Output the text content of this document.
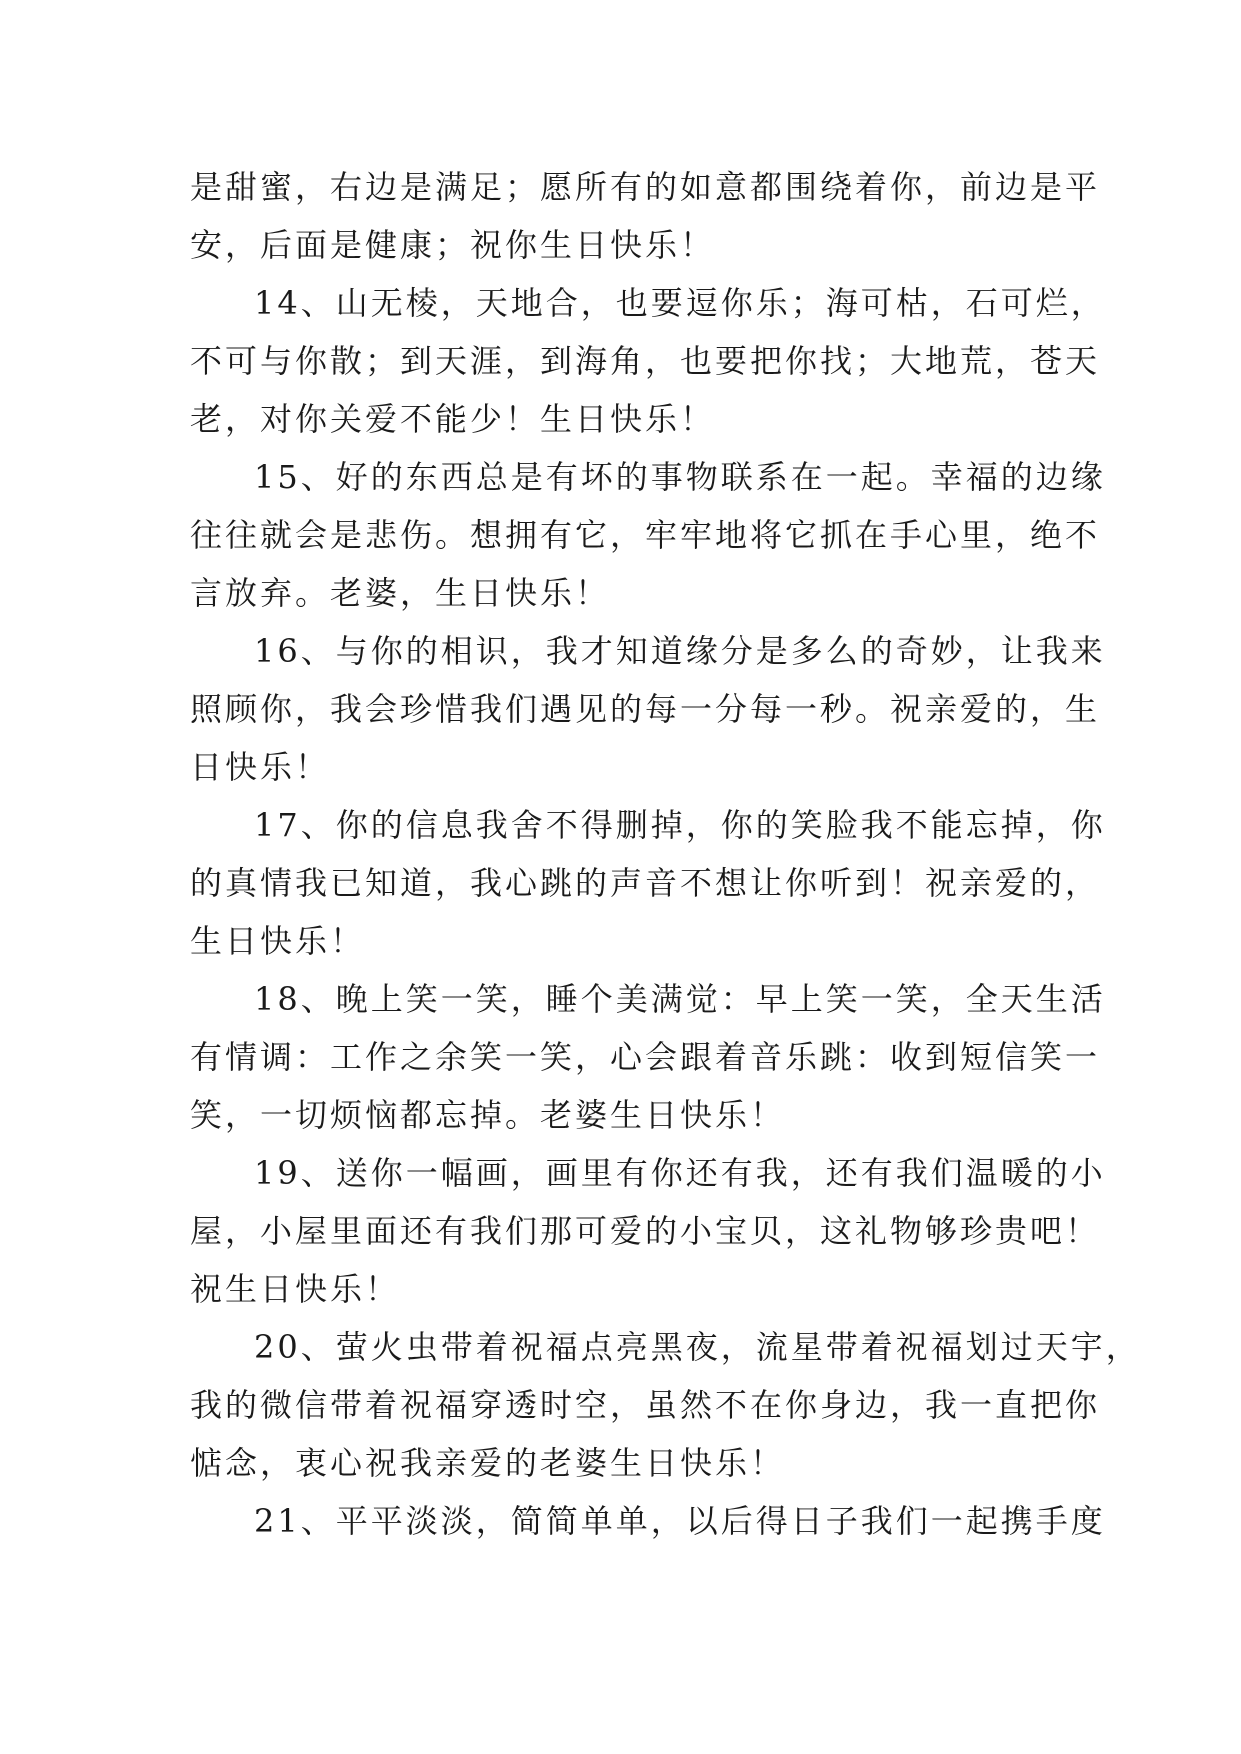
是甜蜜，右边是满足；愿所有的如意都围绕着你，前边是平
安，后面是健康；祝你生日快乐！

14、山无棱，天地合，也要逗你乐；海可枯，石可烂，
不可与你散；到天涯，到海角，也要把你找；大地荒，苍天
老，对你关爱不能少！生日快乐！

15、好的东西总是有坏的事物联系在一起。幸福的边缘
往往就会是悲伤。想拥有它，牢牢地将它抓在手心里，绝不
言放弃。老婆，生日快乐！

16、与你的相识，我才知道缘分是多么的奇妙，让我来
照顾你，我会珍惜我们遇见的每一分每一秒。祝亲爱的，生
日快乐！

17、你的信息我舍不得删掉，你的笑脸我不能忘掉，你
的真情我已知道，我心跳的声音不想让你听到！祝亲爱的，
生日快乐！

18、晚上笑一笑，睡个美满觉：早上笑一笑，全天生活
有情调：工作之余笑一笑，心会跟着音乐跳：收到短信笑一
笑，一切烦恼都忘掉。老婆生日快乐！

19、送你一幅画，画里有你还有我，还有我们温暖的小
屋，小屋里面还有我们那可爱的小宝贝，这礼物够珍贵吧！
祝生日快乐！

20、萤火虫带着祝福点亮黑夜，流星带着祝福划过天宇，
我的微信带着祝福穿透时空，虽然不在你身边，我一直把你
惦念，衷心祝我亲爱的老婆生日快乐！

21、平平淡淡，简简单单，以后得日子我们一起携手度
